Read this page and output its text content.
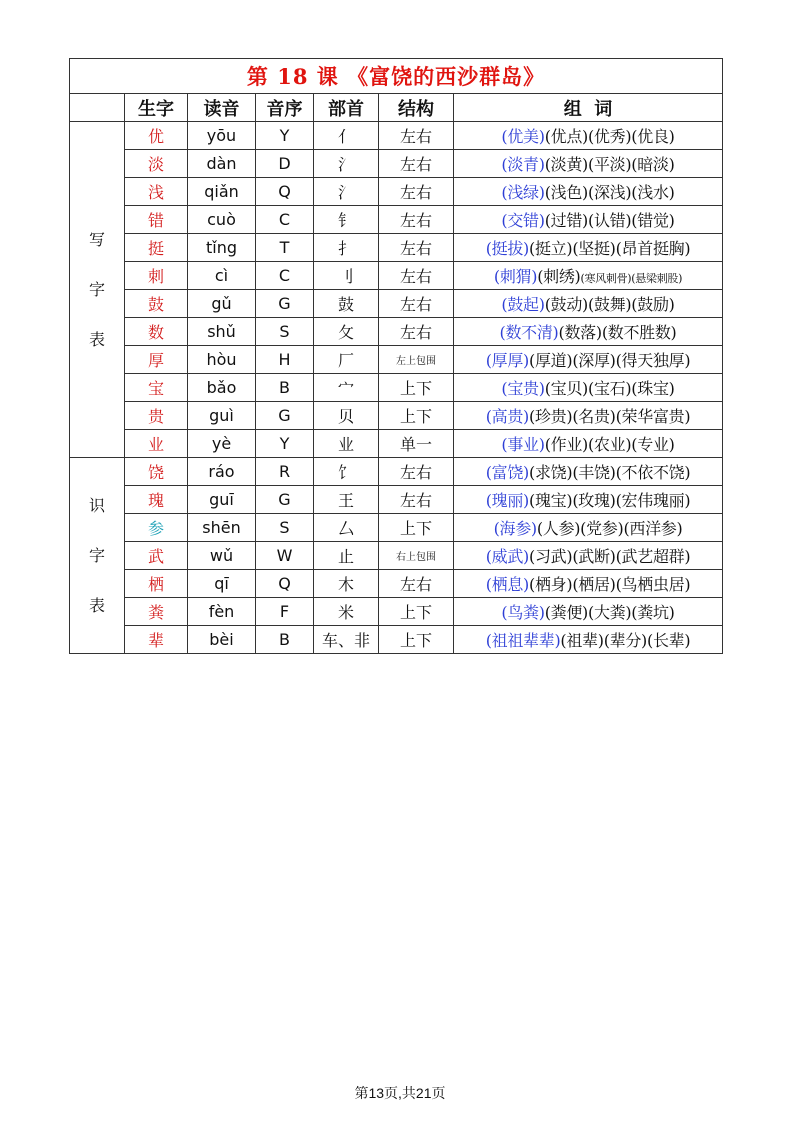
第 18 课 《富饶的西沙群岛》						
	生字	读音	音序	部首	结构	组  词

写
字
表	优	yōu	Y	亻	左右	(优美)(优点)(优秀)(优良)
	淡	dàn	D	氵	左右	(淡青)(淡黄)(平淡)(暗淡)
	浅	qiǎn	Q	氵	左右	(浅绿)(浅色)(深浅)(浅水)
	错	cuò	C	钅	左右	(交错)(过错)(认错)(错觉)
	挺	tǐng	T	扌	左右	(挺拔)(挺立)(坚挺)(昂首挺胸)
	刺	cì	C	刂	左右	(刺猬)(刺绣)(寒风刺骨)(悬梁刺股)
	鼓	gǔ	G	鼓	左右	(鼓起)(鼓动)(鼓舞)(鼓励)
	数	shǔ	S	攵	左右	(数不清)(数落)(数不胜数)
	厚	hòu	H	厂	左上包围	(厚厚)(厚道)(深厚)(得天独厚)
	宝	bǎo	B	宀	上下	(宝贵)(宝贝)(宝石)(珠宝)
	贵	guì	G	贝	上下	(高贵)(珍贵)(名贵)(荣华富贵)
	业	yè	Y	业	单一	(事业)(作业)(农业)(专业)

识
字
表	饶	ráo	R	饣	左右	(富饶)(求饶)(丰饶)(不依不饶)
	瑰	guī	G	王	左右	(瑰丽)(瑰宝)(玫瑰)(宏伟瑰丽)
	参	shēn	S	厶	上下	(海参)(人参)(党参)(西洋参)
	武	wǔ	W	止	右上包围	(威武)(习武)(武断)(武艺超群)
	栖	qī	Q	木	左右	(栖息)(栖身)(栖居)(鸟栖虫居)
	粪	fèn	F	米	上下	(鸟粪)(粪便)(大粪)(粪坑)
	辈	bèi	B	车、非	上下	(祖祖辈辈)(祖辈)(辈分)(长辈)
第13页,共21页
